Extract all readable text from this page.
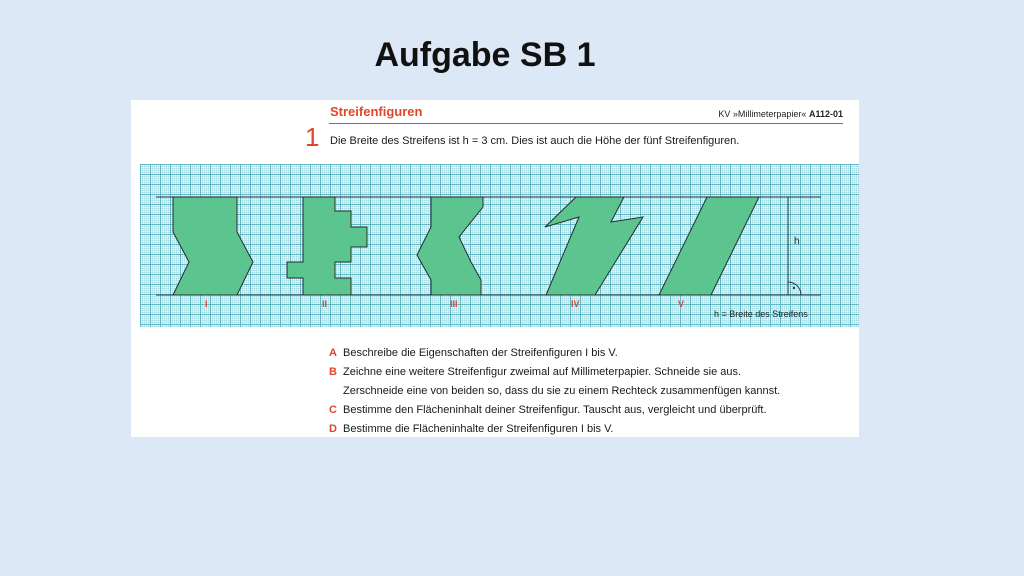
Aufgabe SB 1
Streifenfiguren	KV »Millimeterpapier« A112-01
1 Die Breite des Streifens ist h = 3 cm. Dies ist auch die Höhe der fünf Streifenfiguren.
h
I	II	III	IV	V
h = Breite des Streifens
A Beschreibe die Eigenschaften der Streifenfiguren I bis V.
B Zeichne eine weitere Streifenfigur zweimal auf Millimeterpapier. Schneide sie aus.
Zerschneide eine von beiden so, dass du sie zu einem Rechteck zusammenfügen kannst.
C Bestimme den Flächeninhalt deiner Streifenfigur. Tauscht aus, vergleicht und überprüft.
D Bestimme die Flächeninhalte der Streifenfiguren I bis V.
